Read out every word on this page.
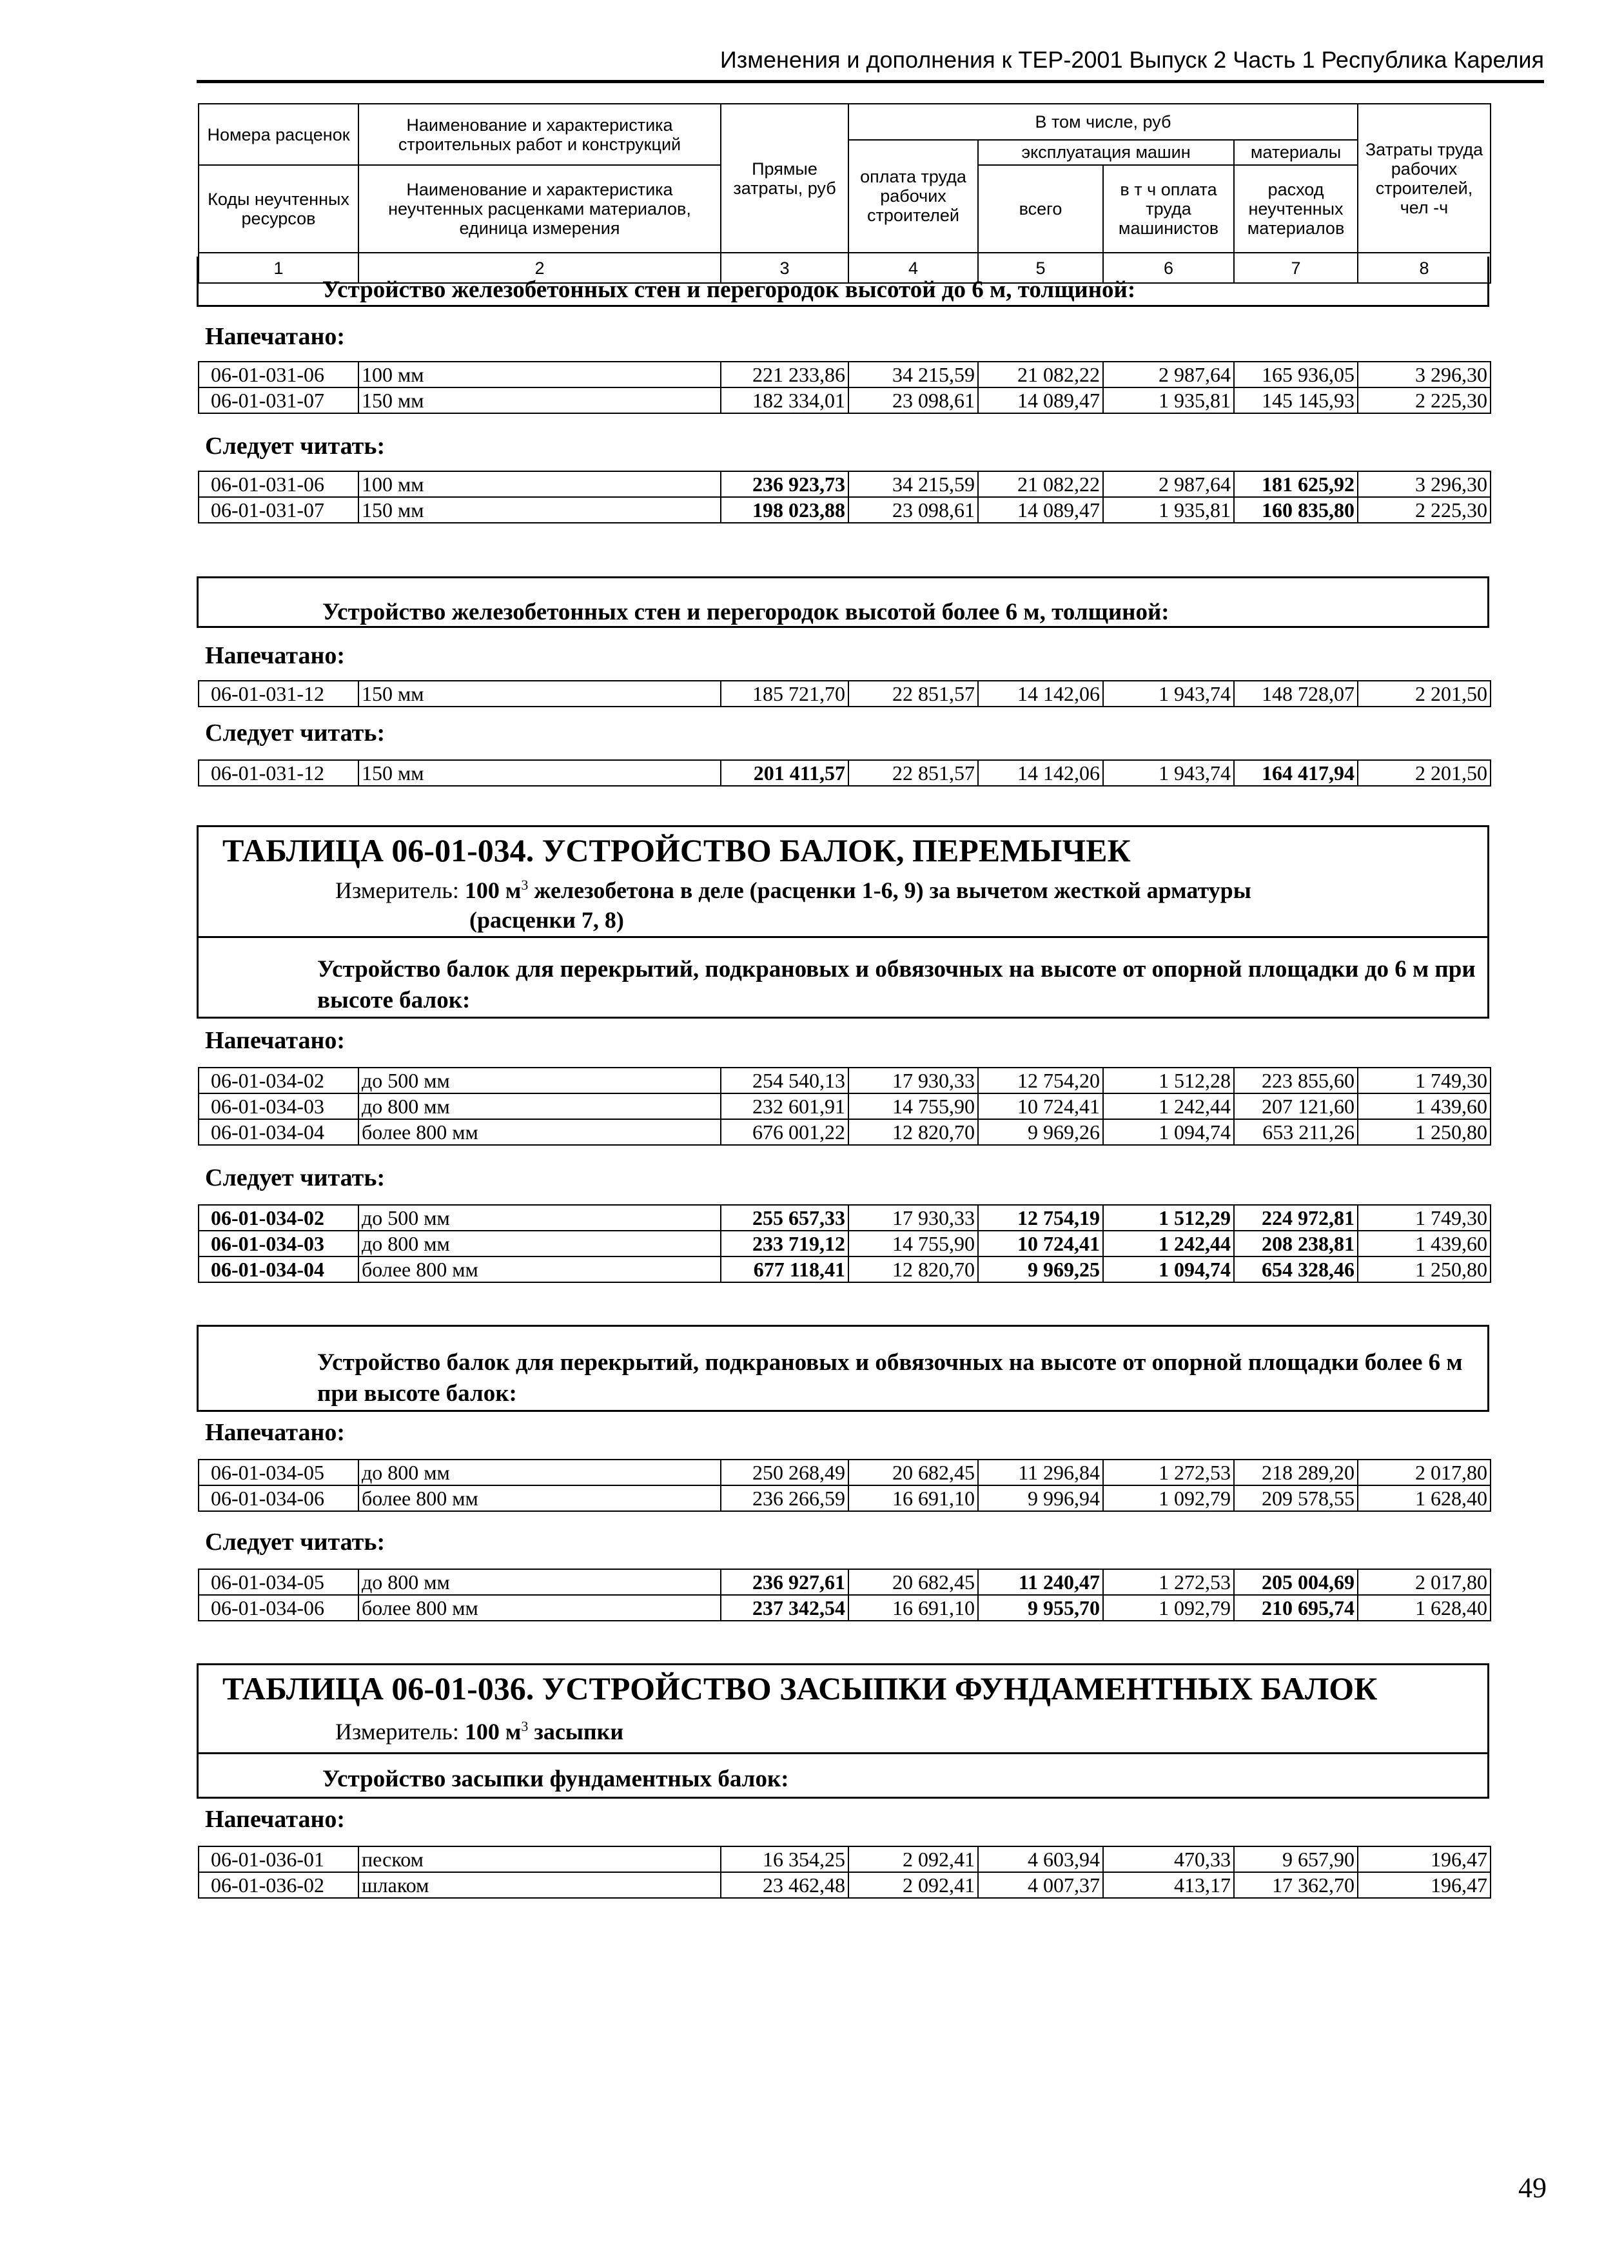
Изменения и дополнения к ТЕР-2001 Выпуск 2 Часть 1 Республика Карелия
Номера расценок	Наименование и характеристика строительных работ и конструкций	Прямые затраты, руб	В том числе, руб				Затраты труда рабочих строителей, чел -ч
			оплата труда рабочих строителей	эксплуатация машин		материалы	
Коды неучтенных ресурсов	Наименование и характеристика неучтенных расценками материалов, единица измерения			всего	в т ч оплата труда машинистов	расход неучтенных материалов	

1	2	3	4	5	6	7	8
Устройство железобетонных стен и перегородок высотой до 6 м, толщиной:
Напечатано:
06-01-031-06	100 мм	221 233,86	34 215,59	21 082,22	2 987,64	165 936,05	3 296,30
06-01-031-07	150 мм	182 334,01	23 098,61	14 089,47	1 935,81	145 145,93	2 225,30
Следует читать:
06-01-031-06	100 мм	236 923,73	34 215,59	21 082,22	2 987,64	181 625,92	3 296,30
06-01-031-07	150 мм	198 023,88	23 098,61	14 089,47	1 935,81	160 835,80	2 225,30
Устройство железобетонных стен и перегородок высотой более 6 м, толщиной:
Напечатано:
06-01-031-12	150 мм	185 721,70	22 851,57	14 142,06	1 943,74	148 728,07	2 201,50
Следует читать:
06-01-031-12	150 мм	201 411,57	22 851,57	14 142,06	1 943,74	164 417,94	2 201,50
ТАБЛИЦА 06-01-034. УСТРОЙСТВО БАЛОК, ПЕРЕМЫЧЕК
Измеритель: 100 $м^3$ железобетона в деле (расценки 1-6, 9) за вычетом жесткой арматуры
(расценки 7, 8)
Устройство балок для перекрытий, подкрановых и обвязочных на высоте от опорной площадки до 6 м при высоте балок:
Напечатано:
06-01-034-02	до 500 мм	254 540,13	17 930,33	12 754,20	1 512,28	223 855,60	1 749,30
06-01-034-03	до 800 мм	232 601,91	14 755,90	10 724,41	1 242,44	207 121,60	1 439,60
06-01-034-04	более 800 мм	676 001,22	12 820,70	9 969,26	1 094,74	653 211,26	1 250,80
Следует читать:
06-01-034-02	до 500 мм	255 657,33	17 930,33	12 754,19	1 512,29	224 972,81	1 749,30
06-01-034-03	до 800 мм	233 719,12	14 755,90	10 724,41	1 242,44	208 238,81	1 439,60
06-01-034-04	более 800 мм	677 118,41	12 820,70	9 969,25	1 094,74	654 328,46	1 250,80
Устройство балок для перекрытий, подкрановых и обвязочных на высоте от опорной площадки более 6 м при высоте балок:
Напечатано:
06-01-034-05	до 800 мм	250 268,49	20 682,45	11 296,84	1 272,53	218 289,20	2 017,80
06-01-034-06	более 800 мм	236 266,59	16 691,10	9 996,94	1 092,79	209 578,55	1 628,40
Следует читать:
06-01-034-05	до 800 мм	236 927,61	20 682,45	11 240,47	1 272,53	205 004,69	2 017,80
06-01-034-06	более 800 мм	237 342,54	16 691,10	9 955,70	1 092,79	210 695,74	1 628,40
ТАБЛИЦА 06-01-036. УСТРОЙСТВО ЗАСЫПКИ ФУНДАМЕНТНЫХ БАЛОК
Измеритель: 100 $м^3$ засыпки
Устройство засыпки фундаментных балок:
Напечатано:
06-01-036-01	песком	16 354,25	2 092,41	4 603,94	470,33	9 657,90	196,47
06-01-036-02	шлаком	23 462,48	2 092,41	4 007,37	413,17	17 362,70	196,47
49
